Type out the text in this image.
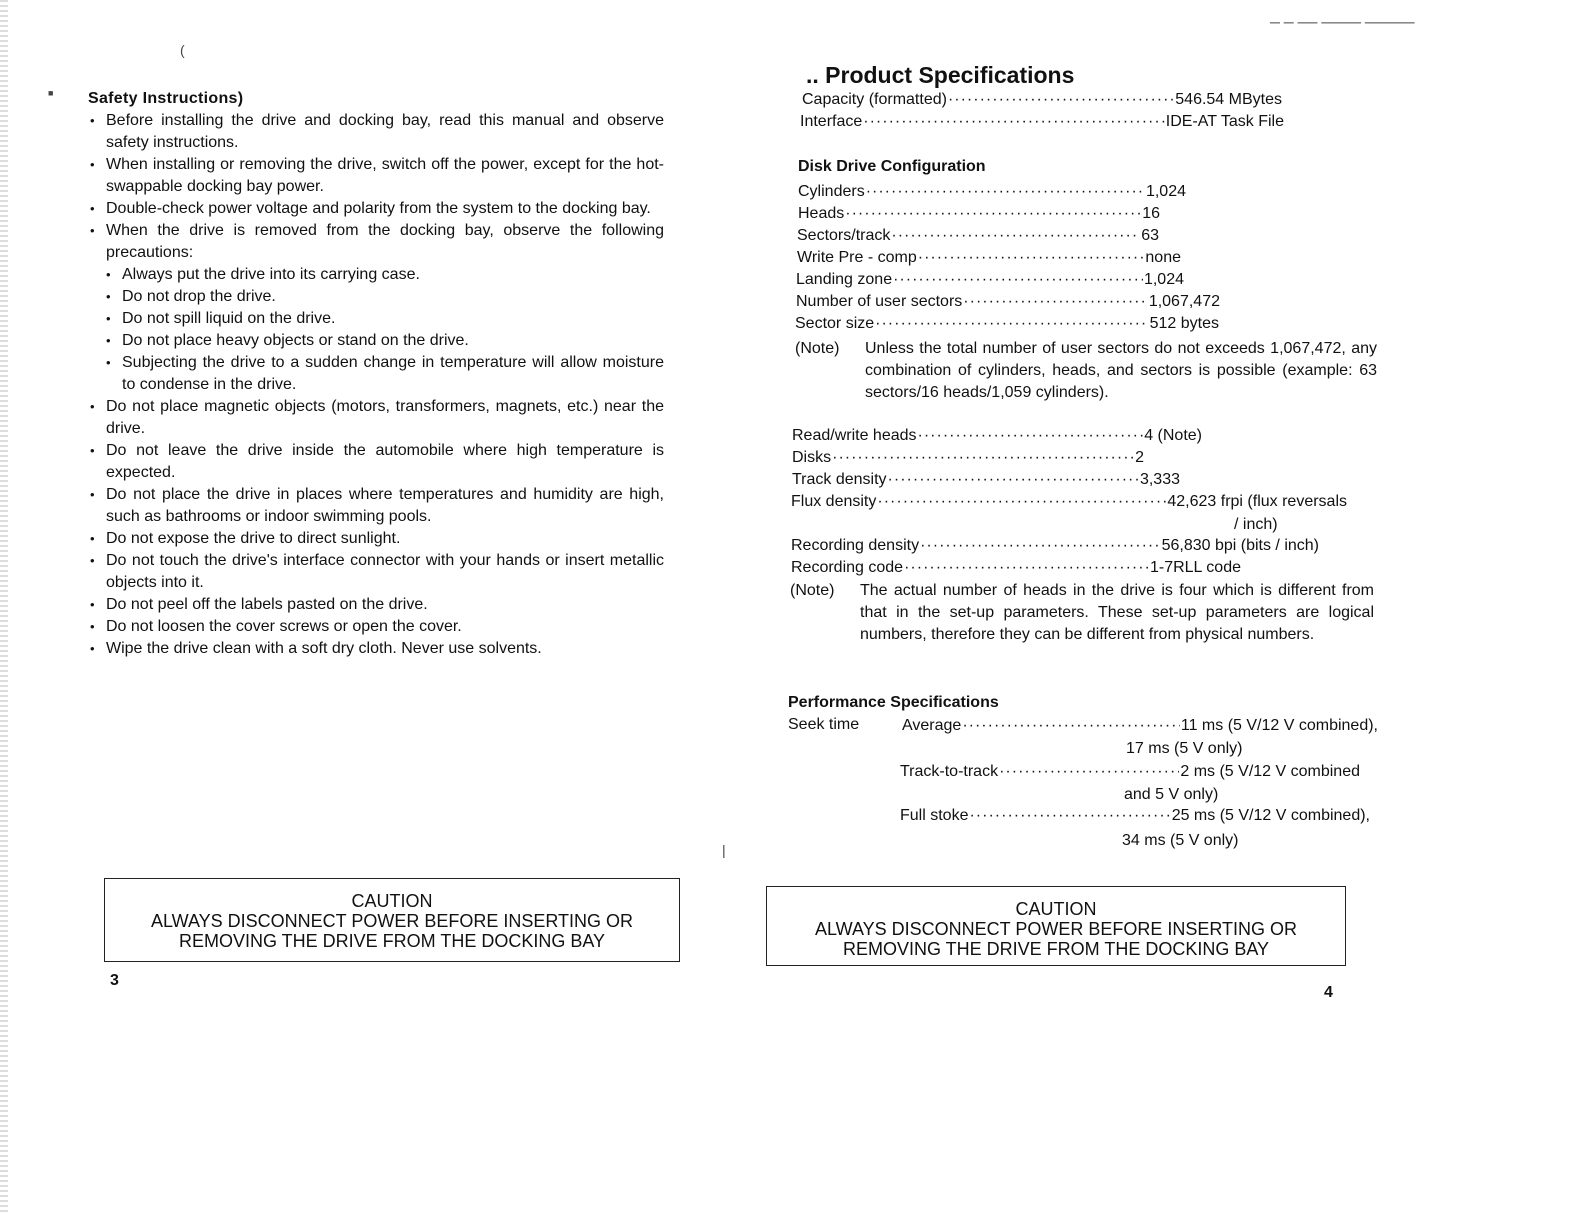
(
■
─ ─ ── ──── ─────
|
Safety Instructions)
• Before installing the drive and docking bay, read this manual and observe safety instructions.
• When installing or removing the drive, switch off the power, except for the hot-swappable docking bay power.
• Double-check power voltage and polarity from the system to the docking bay.
• When the drive is removed from the docking bay, observe the following precautions:
• Always put the drive into its carrying case.
• Do not drop the drive.
• Do not spill liquid on the drive.
• Do not place heavy objects or stand on the drive.
• Subjecting the drive to a sudden change in temperature will allow moisture to condense in the drive.
• Do not place magnetic objects (motors, transformers, magnets, etc.) near the drive.
• Do not leave the drive inside the automobile where high temperature is expected.
• Do not place the drive in places where temperatures and humidity are high, such as bathrooms or indoor swimming pools.
• Do not expose the drive to direct sunlight.
• Do not touch the drive's interface connector with your hands or insert metallic objects into it.
• Do not peel off the labels pasted on the drive.
• Do not loosen the cover screws or open the cover.
• Wipe the drive clean with a soft dry cloth. Never use solvents.
CAUTION
ALWAYS DISCONNECT POWER BEFORE INSERTING OR
REMOVING THE DRIVE FROM THE DOCKING BAY
3
.. Product Specifications
Capacity (formatted) ·····	546.54 MBytes
Interface ·····	IDE-AT Task File
Disk Drive Configuration
Cylinders ·····	1,024
Heads ·····	16
Sectors/track ·····	63
Write Pre - comp ·····	none
Landing zone ·····	1,024
Number of user sectors ·····	1,067,472
Sector size ·····	512 bytes
(Note) Unless the total number of user sectors do not exceeds 1,067,472, any combination of cylinders, heads, and sectors is possible (example: 63 sectors/16 heads/1,059 cylinders).
Read/write heads ·····	4 (Note)
Disks ·····	2
Track density ·····	3,333
Flux density ·····	42,623 frpi (flux reversals
/ inch)
Recording density ·····	56,830 bpi (bits / inch)
Recording code ·····	1-7RLL code
(Note) The actual number of heads in the drive is four which is different from that in the set-up parameters. These set-up parameters are logical numbers, therefore they can be different from physical numbers.
Performance Specifications
Seek time	Average ·····	11 ms (5 V/12 V combined),
17 ms (5 V only)
Track-to-track ·····	2 ms (5 V/12 V combined
and 5 V only)
Full stoke ·····	25 ms (5 V/12 V combined),
34 ms (5 V only)
CAUTION
ALWAYS DISCONNECT POWER BEFORE INSERTING OR
REMOVING THE DRIVE FROM THE DOCKING BAY
4
